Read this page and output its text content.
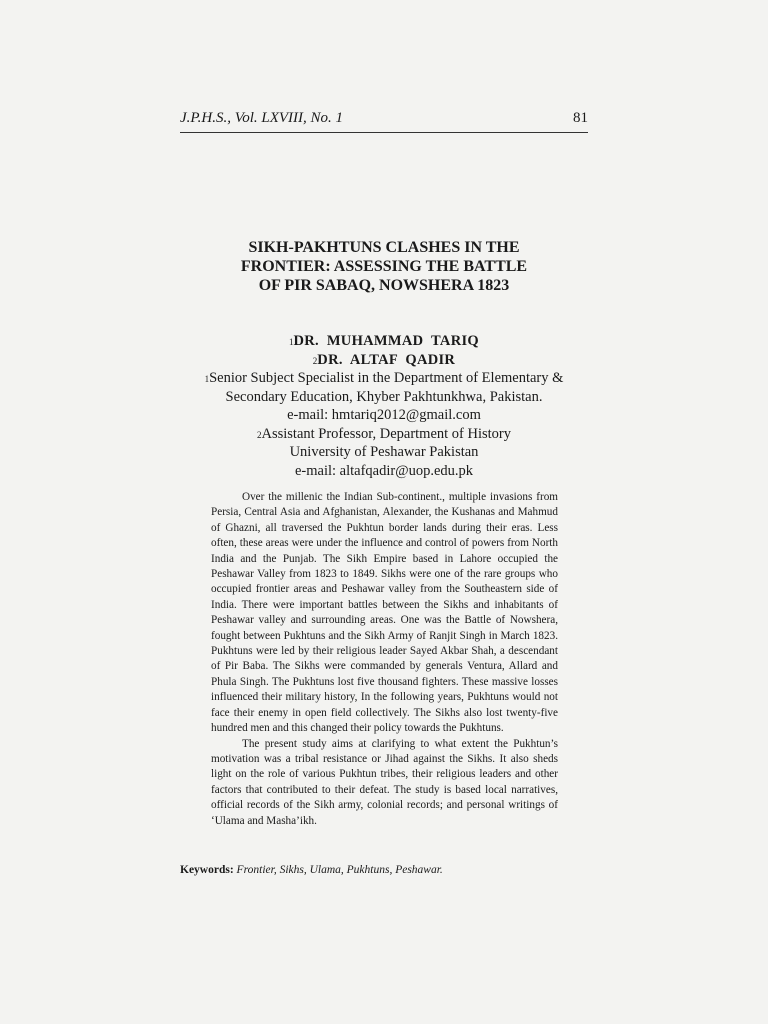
J.P.H.S., Vol. LXVIII, No. 1	81
SIKH-PAKHTUNS CLASHES IN THE
FRONTIER: ASSESSING THE BATTLE
OF PIR SABAQ, NOWSHERA 1823
$^1$DR.  MUHAMMAD  TARIQ
$^2$DR.  ALTAF  QADIR
$^1$Senior Subject Specialist in the Department of Elementary &
Secondary Education, Khyber Pakhtunkhwa, Pakistan.
e-mail: hmtariq2012@gmail.com
$^2$Assistant Professor, Department of History
University of Peshawar Pakistan
e-mail: altafqadir@uop.edu.pk

Over the millenic the Indian Sub-continent., multiple invasions from Persia, Central Asia and Afghanistan, Alexander, the Kushanas and Mahmud of Ghazni, all traversed the Pukhtun border lands during their eras. Less often, these areas were under the influence and control of powers from North India and the Punjab. The Sikh Empire based in Lahore occupied the Peshawar Valley from 1823 to 1849. Sikhs were one of the rare groups who occupied frontier areas and Peshawar valley from the Southeastern side of India. There were important battles between the Sikhs and inhabitants of Peshawar valley and surrounding areas. One was the Battle of Nowshera, fought between Pukhtuns and the Sikh Army of Ranjit Singh in March 1823. Pukhtuns were led by their religious leader Sayed Akbar Shah, a descendant of Pir Baba. The Sikhs were commanded by generals Ventura, Allard and Phula Singh. The Pukhtuns lost five thousand fighters. These massive losses influenced their military history, In the following years, Pukhtuns would not face their enemy in open field collectively. The Sikhs also lost twenty-five hundred men and this changed their policy towards the Pukhtuns.

The present study aims at clarifying to what extent the Pukhtun’s motivation was a tribal resistance or Jihad against the Sikhs. It also sheds light on the role of various Pukhtun tribes, their religious leaders and other factors that contributed to their defeat. The study is based local narratives, official records of the Sikh army, colonial records; and personal writings of ‘Ulama and Masha’ikh.

Keywords: Frontier, Sikhs, Ulama, Pukhtuns, Peshawar.
